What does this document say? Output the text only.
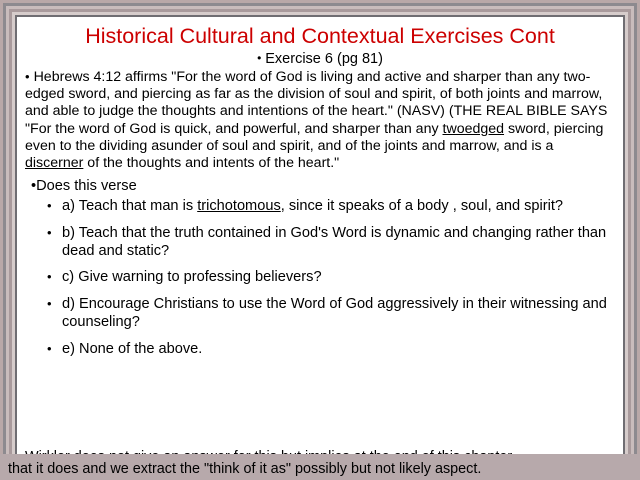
Historical Cultural and Contextual Exercises Cont
• Exercise 6 (pg 81)
• Hebrews 4:12 affirms "For the word of God is living and active and sharper than any two-edged sword, and piercing as far as the division of soul and spirit, of both joints and marrow, and able to judge the thoughts and intentions of the heart." (NASV) (THE REAL BIBLE SAYS "For the word of God is quick, and powerful, and sharper than any twoedged sword, piercing even to the dividing asunder of soul and spirit, and of the joints and marrow, and is a discerner of the thoughts and intents of the heart."
•Does this verse
• a) Teach that man is trichotomous, since it speaks of a body , soul, and spirit?
• b) Teach that the truth contained in God's Word is dynamic and changing rather than dead and static?
• c) Give warning to professing believers?
• d) Encourage Christians to use the Word of God aggressively in their witnessing and counseling?
• e) None of the above.
that it does and we extract the "think of it as" possibly but not likely aspect.
